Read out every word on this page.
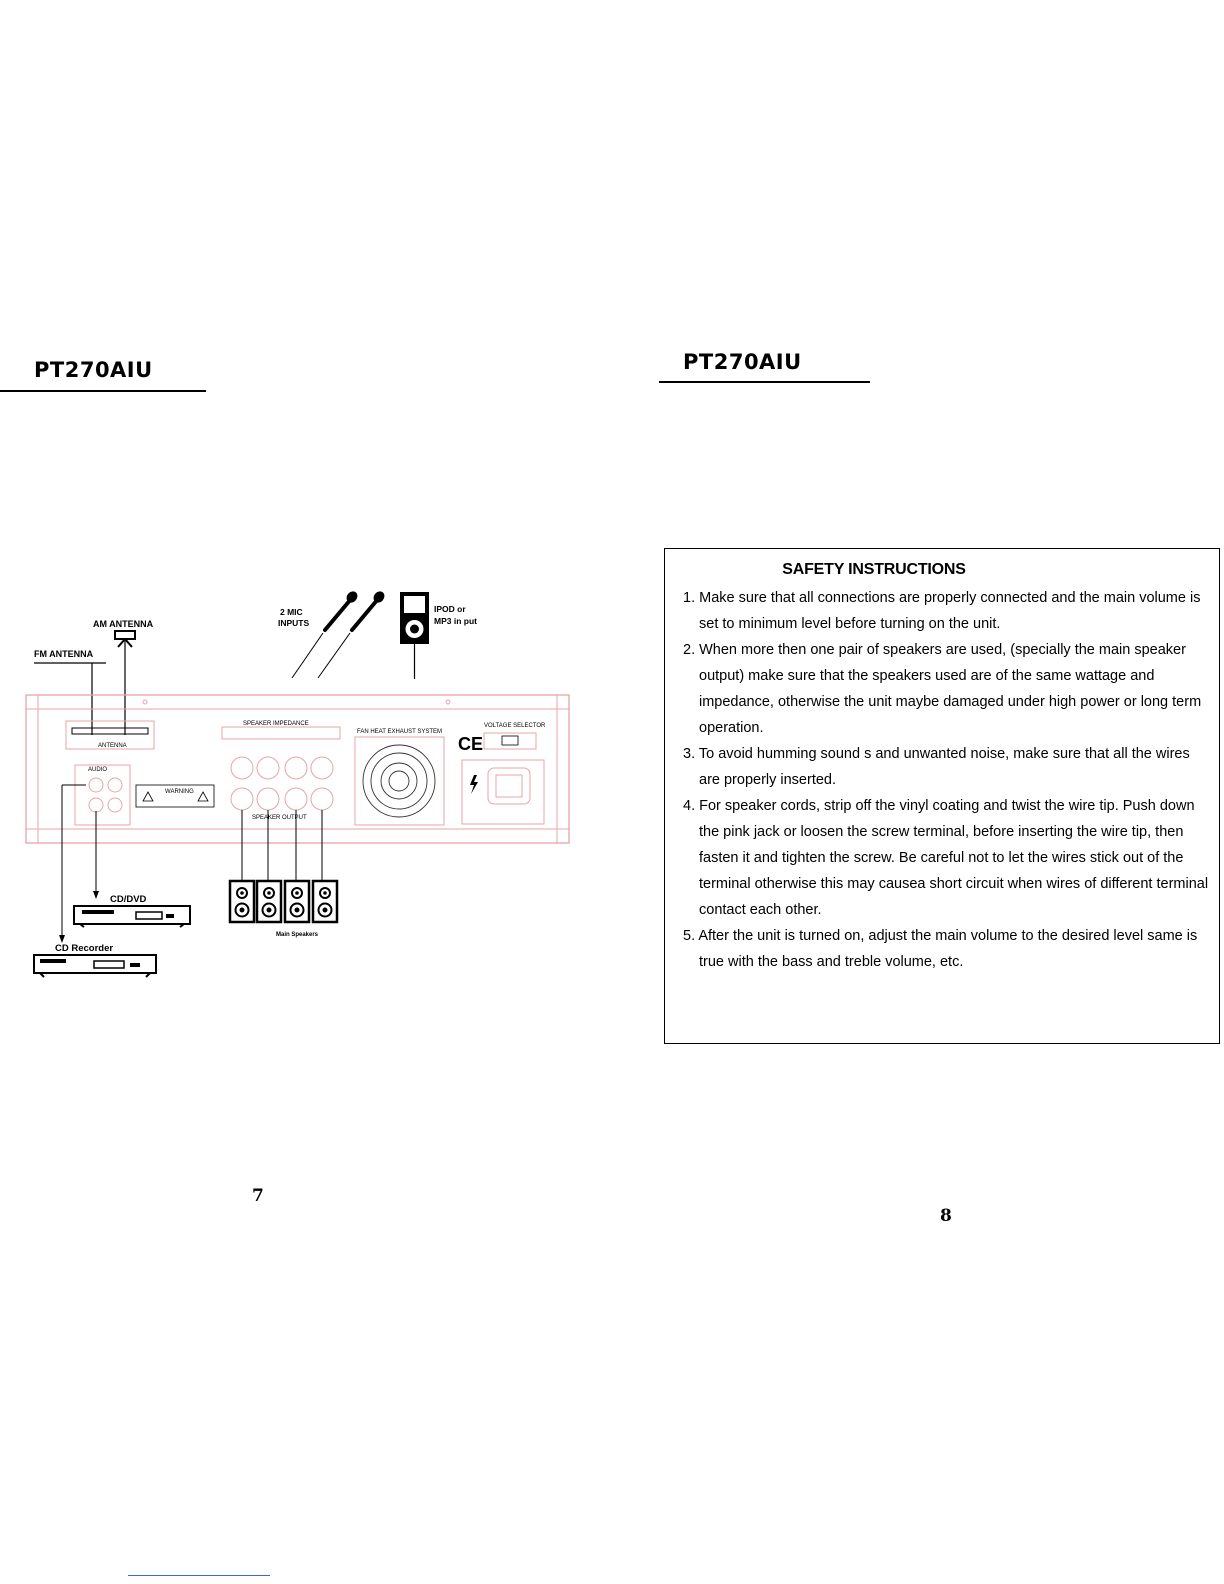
PT270AIU
AM ANTENNA
FM ANTENNA
2 MIC
INPUTS
IPOD or
MP3 in put
ANTENNA
AUDIO
WARNING
SPEAKER IMPEDANCE
SPEAKER OUTPUT
FAN HEAT EXHAUST SYSTEM
CE
VOLTAGE SELECTOR
CD/DVD
CD Recorder
Main Speakers
7
PT270AIU
SAFETY INSTRUCTIONS
1. Make sure that all connections are properly connected and the main volume is set to minimum level before turning on the unit.
2. When more then one pair of speakers are used, (specially the main speaker output) make sure that the speakers used are of the same wattage and impedance, otherwise the unit maybe damaged under high power or long term operation.
3. To avoid humming sound s and unwanted noise, make sure that all the wires are properly inserted.
4. For speaker cords, strip off the vinyl coating and twist the wire tip. Push down the pink jack or loosen the screw terminal, before inserting the wire tip, then fasten it and tighten the screw. Be careful not to let the wires stick out of the terminal otherwise this may causea short circuit when wires of different terminal contact each other.
5. After the unit is turned on, adjust the main volume to the desired level same is true with the bass and treble volume, etc.
8
